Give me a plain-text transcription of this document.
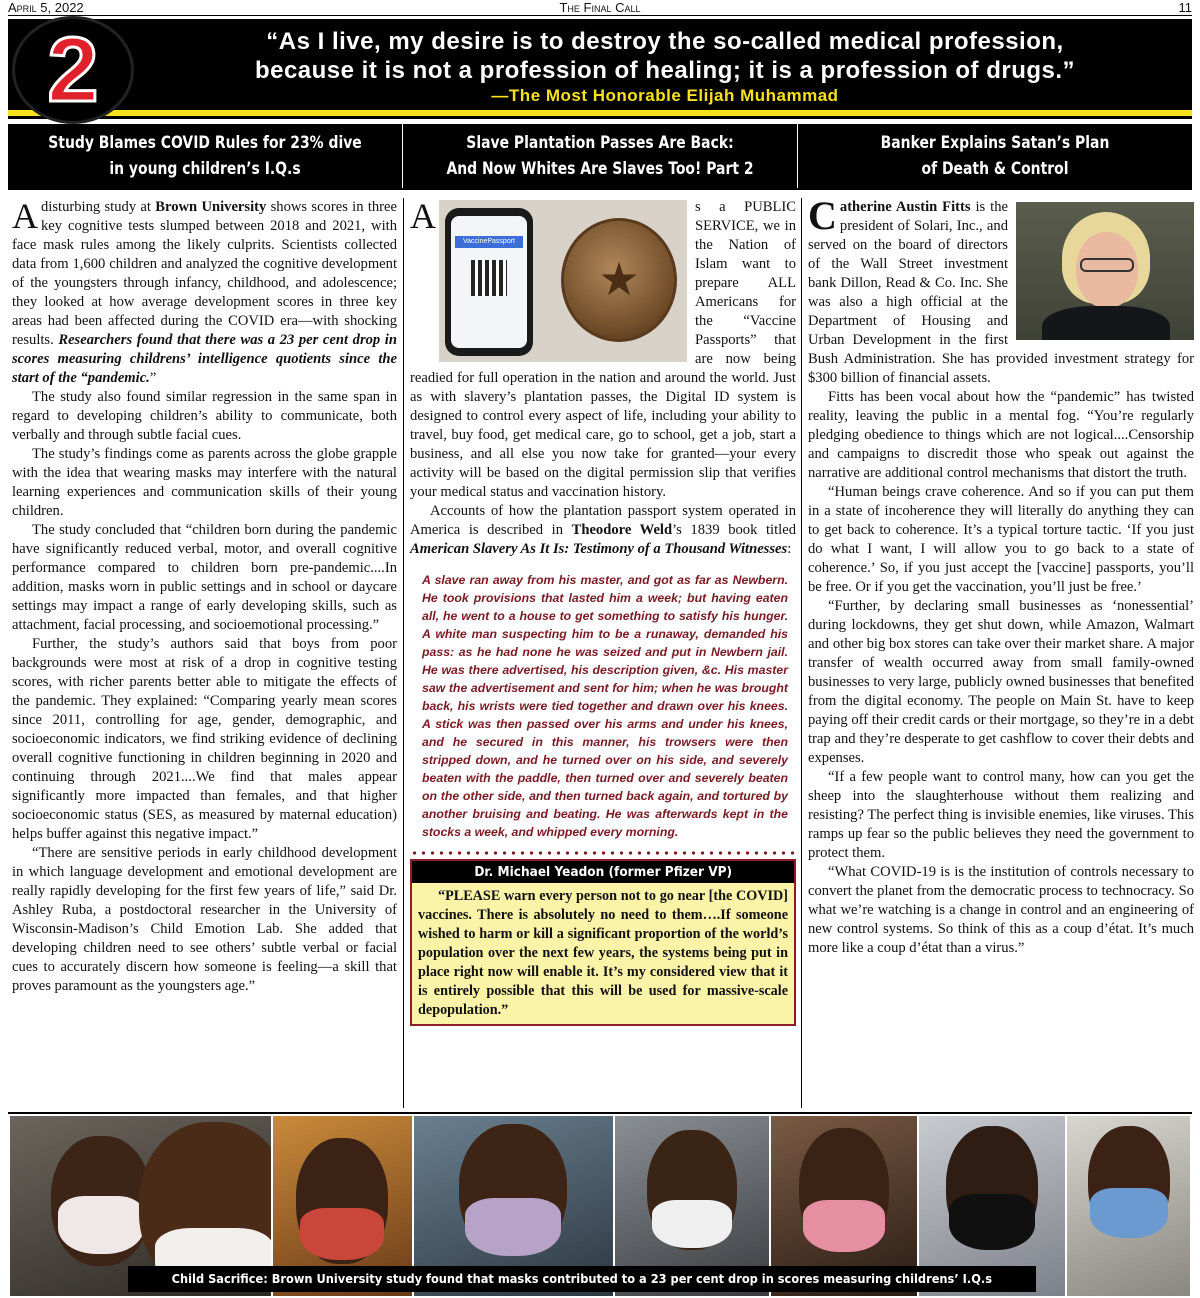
April 5, 2022	The Final Call	11
2	“As I live, my desire is to destroy the so-called medical profession,
because it is not a profession of healing; it is a profession of drugs.”
—The Most Honorable Elijah Muhammad
Study Blames COVID Rules for 23% dive
in young children’s I.Q.s
Slave Plantation Passes Are Back:
And Now Whites Are Slaves Too! Part 2
Banker Explains Satan’s Plan
of Death & Control

Adisturbing study at Brown University shows scores in three key cognitive tests slumped between 2018 and 2021, with face mask rules among the likely culprits. Scientists collected data from 1,600 children and analyzed the cognitive development of the youngsters through infancy, childhood, and adolescence; they looked at how average development scores in three key areas had been affected during the COVID era—with shocking results. Researchers found that there was a 23 per cent drop in scores measuring childrens’ intelligence quotients since the start of the “pandemic.”

The study also found similar regression in the same span in regard to developing children’s ability to communicate, both verbally and through subtle facial cues.

The study’s findings come as parents across the globe grapple with the idea that wearing masks may interfere with the natural learning experiences and communication skills of their young children.

The study concluded that “children born during the pandemic have significantly reduced verbal, motor, and overall cognitive performance compared to children born pre-pandemic....In addition, masks worn in public settings and in school or daycare settings may impact a range of early developing skills, such as attachment, facial processing, and socioemotional processing.”

Further, the study’s authors said that boys from poor backgrounds were most at risk of a drop in cognitive testing scores, with richer parents better able to mitigate the effects of the pandemic. They explained: “Comparing yearly mean scores since 2011, controlling for age, gender, demographic, and socioeconomic indicators, we find striking evidence of declining overall cognitive functioning in children beginning in 2020 and continuing through 2021....We find that males appear significantly more impacted than females, and that higher socioeconomic status (SES, as measured by maternal education) helps buffer against this negative impact.”

“There are sensitive periods in early childhood development in which language development and emotional development are really rapidly developing for the first few years of life,” said Dr. Ashley Ruba, a postdoctoral researcher in the University of Wisconsin-Madison’s Child Emotion Lab. She added that developing children need to see others’ subtle verbal or facial cues to accurately discern how someone is feeling—a skill that proves paramount as the youngsters age.”

A
VaccinePassport
★
s a PUBLIC SERVICE, we in the Nation of Islam want to prepare ALL Americans for the “Vaccine Passports” that are now being readied for full operation in the nation and around the world. Just as with slavery’s plantation passes, the Digital ID system is designed to control every aspect of life, including your ability to travel, buy food, get medical care, go to school, get a job, start a business, and all else you now take for granted—your every activity will be based on the digital permission slip that verifies your medical status and vaccination history.

Accounts of how the plantation passport system operated in America is described in Theodore Weld’s 1839 book titled American Slavery As It Is: Testimony of a Thousand Witnesses:

A slave ran away from his master, and got as far as Newbern. He took provisions that lasted him a week; but having eaten all, he went to a house to get something to satisfy his hunger. A white man suspecting him to be a runaway, demanded his pass: as he had none he was seized and put in Newbern jail. He was there advertised, his description given, &c. His master saw the advertisement and sent for him; when he was brought back, his wrists were tied together and drawn over his knees. A stick was then passed over his arms and under his knees, and he secured in this manner, his trowsers were then stripped down, and he turned over on his side, and severely beaten with the paddle, then turned over and severely beaten on the other side, and then turned back again, and tortured by another bruising and beating. He was afterwards kept in the stocks a week, and whipped every morning.
Dr. Michael Yeadon (former Pfizer VP)

“PLEASE warn every person not to go near [the COVID] vaccines. There is absolutely no need to them….If someone wished to harm or kill a significant proportion of the world’s population over the next few years, the systems being put in place right now will enable it. It’s my considered view that it is entirely possible that this will be used for massive-scale depopulation.”

Catherine Austin Fitts
is the president of Solari, Inc., and served on the board of directors of the Wall Street investment bank Dillon, Read & Co. Inc. She was also a high official at the Department of Housing and Urban Development in the first Bush Administration. She has provided investment strategy for $300 billion of financial assets.

Fitts has been vocal about how the “pandemic” has twisted reality, leaving the public in a mental fog. “You’re regularly pledging obedience to things which are not logical....Censorship and campaigns to discredit those who speak out against the narrative are additional control mechanisms that distort the truth.

“Human beings crave coherence. And so if you can put them in a state of incoherence they will literally do anything they can to get back to coherence. It’s a typical torture tactic. ‘If you just do what I want, I will allow you to go back to a state of coherence.’ So, if you just accept the [vaccine] passports, you’ll be free. Or if you get the vaccination, you’ll just be free.’

“Further, by declaring small businesses as ‘nonessential’ during lockdowns, they get shut down, while Amazon, Walmart and other big box stores can take over their market share. A major transfer of wealth occurred away from small family-owned businesses to very large, publicly owned businesses that benefited from the digital economy. The people on Main St. have to keep paying off their credit cards or their mortgage, so they’re in a debt trap and they’re desperate to get cashflow to cover their debts and expenses.

“If a few people want to control many, how can you get the sheep into the slaughterhouse without them realizing and resisting? The perfect thing is invisible enemies, like viruses. This ramps up fear so the public believes they need the government to protect them.

“What COVID-19 is is the institution of controls necessary to convert the planet from the democratic process to technocracy. So what we’re watching is a change in control and an engineering of new control systems. So think of this as a coup d’état. It’s much more like a coup d’état than a virus.”

Child Sacrifice: Brown University study found that masks contributed to a 23 per cent drop in scores measuring childrens’ I.Q.s
